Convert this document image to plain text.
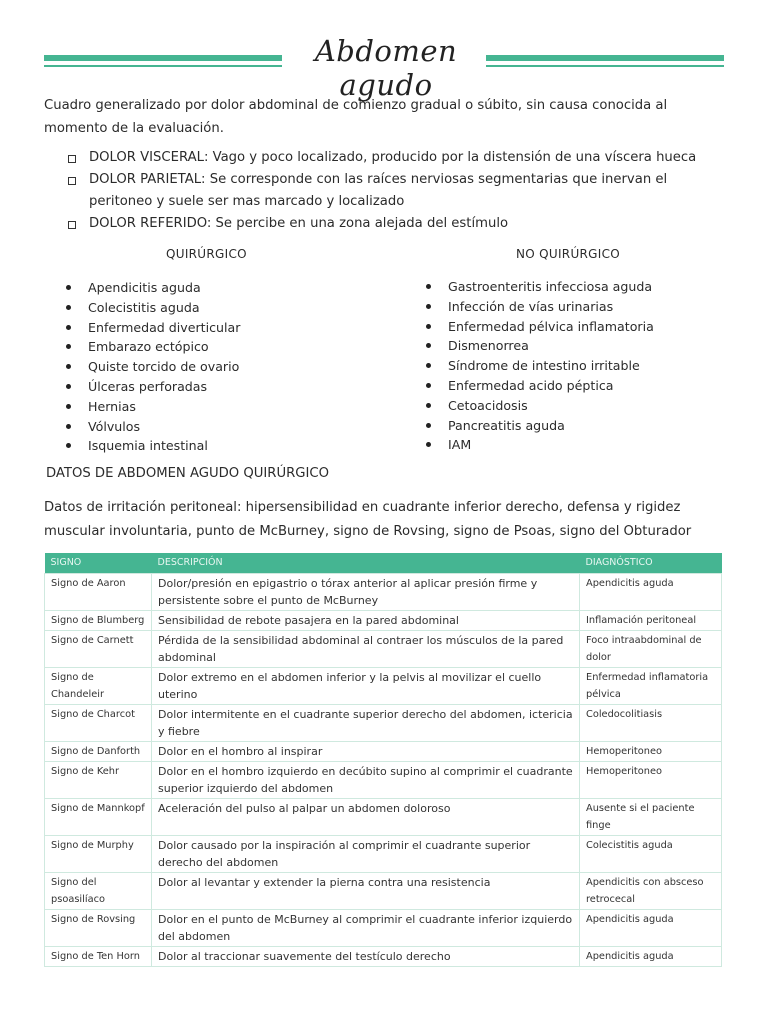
Abdomen agudo

Cuadro generalizado por dolor abdominal de comienzo gradual o súbito, sin causa conocida al momento de la evaluación.

DOLOR VISCERAL: Vago y poco localizado, producido por la distensión de una víscera hueca
DOLOR PARIETAL: Se corresponde con las raíces nerviosas segmentarias que inervan el peritoneo y suele ser mas marcado y localizado
DOLOR REFERIDO: Se percibe en una zona alejada del estímulo
QUIRÚRGICO	NO QUIRÚRGICO
Apendicitis aguda
Colecistitis aguda
Enfermedad diverticular
Embarazo ectópico
Quiste torcido de ovario
Úlceras perforadas
Hernias
Vólvulos
Isquemia intestinal
Gastroenteritis infecciosa aguda
Infección de vías urinarias
Enfermedad pélvica inflamatoria
Dismenorrea
Síndrome de intestino irritable
Enfermedad acido péptica
Cetoacidosis
Pancreatitis aguda
IAM
DATOS DE ABDOMEN AGUDO QUIRÚRGICO

Datos de irritación peritoneal: hipersensibilidad en cuadrante inferior derecho, defensa y rigidez muscular involuntaria, punto de McBurney, signo de Rovsing, signo de Psoas, signo del Obturador

SIGNO	DESCRIPCIÓN	DIAGNÓSTICO
Signo de Aaron	Dolor/presión en epigastrio o tórax anterior al aplicar presión firme y persistente sobre el punto de McBurney	Apendicitis aguda
Signo de Blumberg	Sensibilidad de rebote pasajera en la pared abdominal	Inflamación peritoneal
Signo de Carnett	Pérdida de la sensibilidad abdominal al contraer los músculos de la pared abdominal	Foco intraabdominal de dolor
Signo de Chandeleir	Dolor extremo en el abdomen inferior y la pelvis al movilizar el cuello uterino	Enfermedad inflamatoria pélvica
Signo de Charcot	Dolor intermitente en el cuadrante superior derecho del abdomen, ictericia y fiebre	Coledocolitiasis
Signo de Danforth	Dolor en el hombro al inspirar	Hemoperitoneo
Signo de Kehr	Dolor en el hombro izquierdo en decúbito supino al comprimir el cuadrante superior izquierdo del abdomen	Hemoperitoneo
Signo de Mannkopf	Aceleración del pulso al palpar un abdomen doloroso	Ausente si el paciente finge
Signo de Murphy	Dolor causado por la inspiración al comprimir el cuadrante superior derecho del abdomen	Colecistitis aguda
Signo del psoasilíaco	Dolor al levantar y extender la pierna contra una resistencia	Apendicitis con absceso retrocecal
Signo de Rovsing	Dolor en el punto de McBurney al comprimir el cuadrante inferior izquierdo del abdomen	Apendicitis aguda
Signo de Ten Horn	Dolor al traccionar suavemente del testículo derecho	Apendicitis aguda
